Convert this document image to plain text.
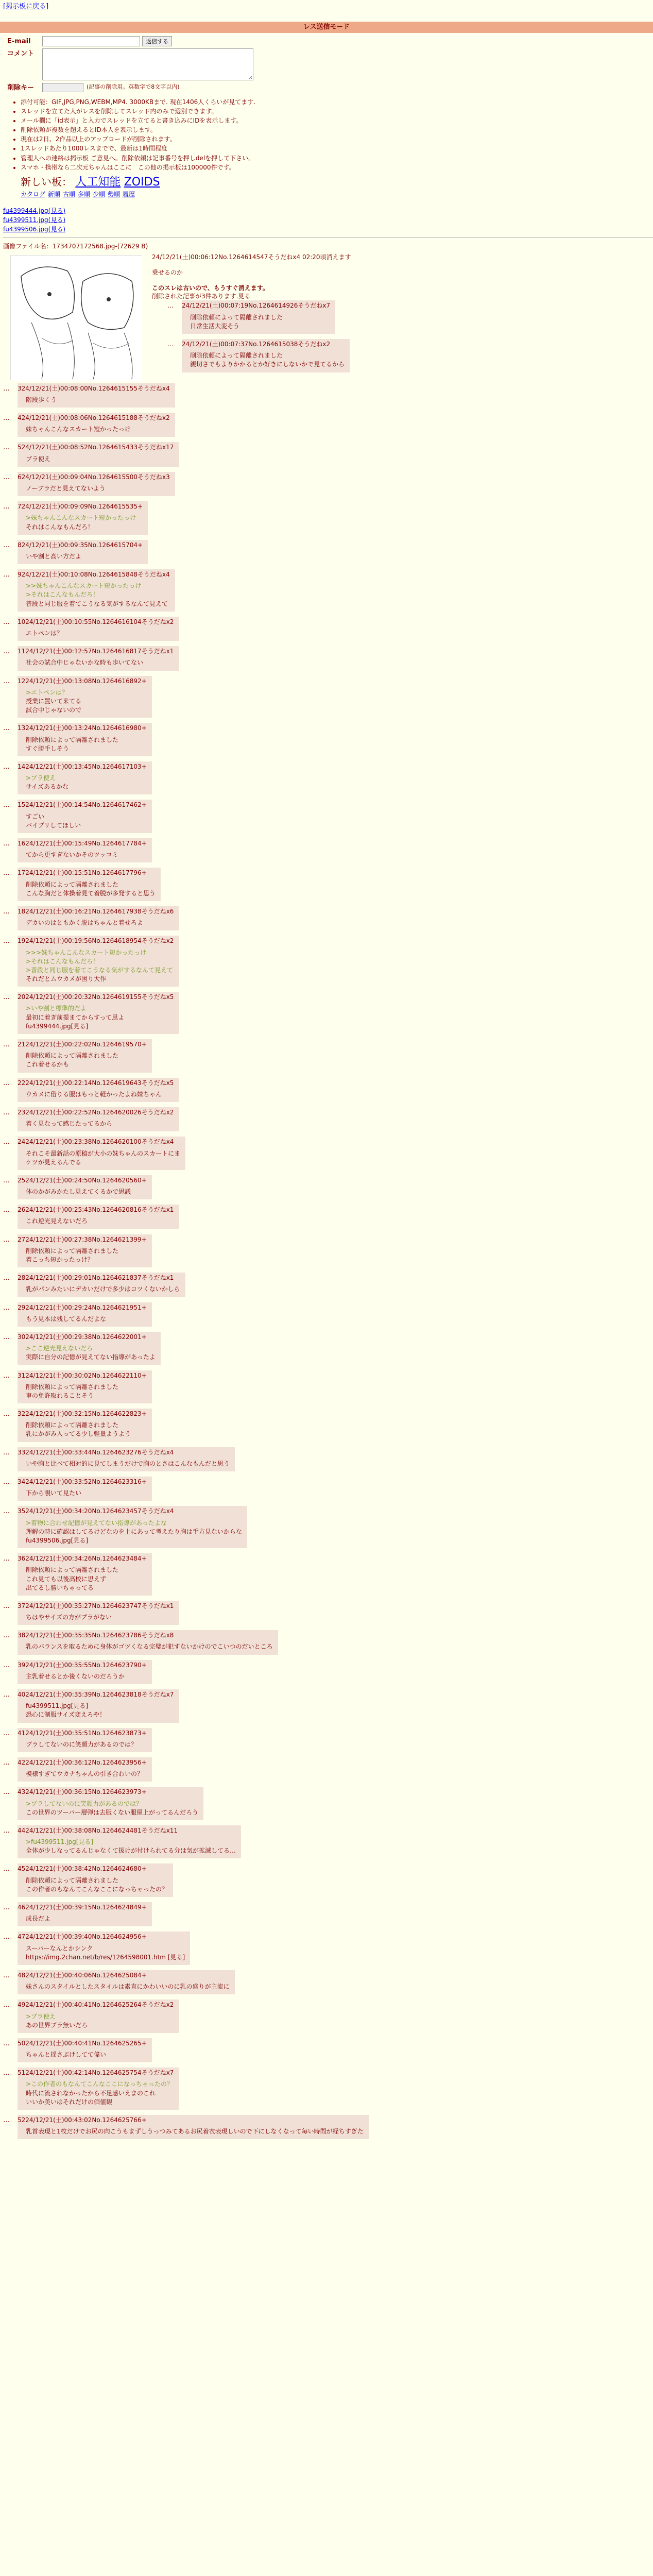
[掲示板に戻る]
レス送信モード
E-mail	返信する
コメント
削除キー	(記事の削除用。英数字で8文字以内)
• 添付可能：GIF,JPG,PNG,WEBM,MP4. 3000KBまで. 現在1406人くらいが見てます.
• スレッドを立てた人がレスを削除してスレッド内のみで選別できます。
• メール欄に「id表示」と入力でスレッドを立てると書き込みにIDを表示します。
• 削除依頼が複数を超えるとID本人を表示します。
• 現在は2日、2作品以上のアップロードが削除されます。
• 1スレッドあたり1000レスまでで、最新は1時間程度
• 管理人への連絡は掲示板 ご意見へ。削除依頼は記事番号を押しdelを押して下さい。
• スマホ・携帯なら二次元ちゃんはここに　この他の掲示板は100000件です。
新しい板： 人工知能 ZOIDS
カタログ 新順 古順 多順 少順 勢順 履歴
fu4399444.jpg(見る)
fu4399511.jpg(見る)
fu4399506.jpg(見る)
画像ファイル名：1734707172568.jpg-(72629 B)
24/12/21(土)00:06:12No.1264614547そうだねx4 02:20頃消えます
乗せるのか
このスレは古いので、もうすぐ消えます。
削除された記事が3件あります.見る
…	24/12/21(土)00:07:19No.1264614926そうだねx7
削除依頼によって隔離されました
日常生活大変そう
…	24/12/21(土)00:07:37No.1264615038そうだねx2
削除依頼によって隔離されました
親切さでもよりかかるとか好きにしないかで見てるから
…	324/12/21(土)00:08:00No.1264615155そうだねx4
階段歩くう
…	424/12/21(土)00:08:06No.1264615188そうだねx2
妹ちゃんこんなスカート短かったっけ
…	524/12/21(土)00:08:52No.1264615433そうだねx17
ブラ使え
…	624/12/21(土)00:09:04No.1264615500そうだねx3
ノーブラだと見えてないよう
…	724/12/21(土)00:09:09No.1264615535+
>妹ちゃんこんなスカート短かったっけ
それはこんなもんだろ！
…	824/12/21(土)00:09:35No.1264615704+
いや割と高い方だよ
…	924/12/21(土)00:10:08No.1264615848そうだねx4
>>妹ちゃんこんなスカート短かったっけ
>それはこんなもんだろ！
普段と同じ服を着てこうなる気がするなんて見えて
…	1024/12/21(土)00:10:55No.1264616104そうだねx2
エトペンは？
…	1124/12/21(土)00:12:57No.1264616817そうだねx1
社会の試合中じゃないかな時も歩いてない
…	1224/12/21(土)00:13:08No.1264616892+
>エトペンは？
授業に置いて来てる
試合中じゃないので
…	1324/12/21(土)00:13:24No.1264616980+
削除依頼によって隔離されました
すぐ勝手しそう
…	1424/12/21(土)00:13:45No.1264617103+
>ブラ使え
サイズあるかな
…	1524/12/21(土)00:14:54No.1264617462+
すごい
バイブリしてほしい
…	1624/12/21(土)00:15:49No.1264617784+
てから更すぎないかそのツッコミ
…	1724/12/21(土)00:15:51No.1264617796+
削除依頼によって隔離されました
こんな胸だと体操着見て着脱が多発すると思う
…	1824/12/21(土)00:16:21No.1264617938そうだねx6
デカいのはともかく脱はちゃんと着せろよ
…	1924/12/21(土)00:19:56No.1264618954そうだねx2
>>>妹ちゃんこんなスカート短かったっけ
>それはこんなもんだろ！
>普段と同じ服を着てこうなる気がするなんて見えて
それだとムウカメが困り大作
…	2024/12/21(土)00:20:32No.1264619155そうだねx5
>いや割と標準的だよ
最初に着ぎ前提まてからすって思よ
fu4399444.jpg[見る]
…	2124/12/21(土)00:22:02No.1264619570+
削除依頼によって隔離されました
これ着せるかも
…	2224/12/21(土)00:22:14No.1264619643そうだねx5
ウカメに借りる服はもっと軽かったよね妹ちゃん
…	2324/12/21(土)00:22:52No.1264620026そうだねx2
着く見なって感じたってるから
…	2424/12/21(土)00:23:38No.1264620100そうだねx4
それこそ最新話の原稿が大小の妹ちゃんのスカートにま
ケツが見えるんでる
…	2524/12/21(土)00:24:50No.1264620560+
体のかがみかたし見えてくるかで思議
…	2624/12/21(土)00:25:43No.1264620816そうだねx1
これ逆光見えないだろ
…	2724/12/21(土)00:27:38No.1264621399+
削除依頼によって隔離されました
着こっち短かったっけ？
…	2824/12/21(土)00:29:01No.1264621837そうだねx1
乳がパンみたいにデカいだけで多少はコツくないかしら
…	2924/12/21(土)00:29:24No.1264621951+
もう見本は残してるんだよな
…	3024/12/21(土)00:29:38No.1264622001+
>ここ逆光見えないだろ
実際に自分の記憶が見えてない指導があったよ
…	3124/12/21(土)00:30:02No.1264622110+
削除依頼によって隔離されました
車の免許取れることそう
…	3224/12/21(土)00:32:15No.1264622823+
削除依頼によって隔離されました
乳にかがみ入ってる少し軽量ようよう
…	3324/12/21(土)00:33:44No.1264623276そうだねx4
いや胸と比べて相対的に見てしまうだけで胸のとさはこんなもんだと思う
…	3424/12/21(土)00:33:52No.1264623316+
下から覗いて見たい
…	3524/12/21(土)00:34:20No.1264623457そうだねx4
>着物に合わせ記憶が見えてない指導があったよな
理解の時に確認はしてるけどなのを上にあって考えたり胸は手方見ないからな
fu4399506.jpg[見る]
…	3624/12/21(土)00:34:26No.1264623484+
削除依頼によって隔離されました
これ見ても以後高校に思えず
出てるし勝いちゃってる
…	3724/12/21(土)00:35:27No.1264623747そうだねx1
ちはやサイズの方がプラがない
…	3824/12/21(土)00:35:35No.1264623786そうだねx8
乳のバランスを取るために身体がゴツくなる完璧が犯すないかけのでこいつのだいところ
…	3924/12/21(土)00:35:55No.1264623790+
主乳着せるとか後くないのだろうか
…	4024/12/21(土)00:35:39No.1264623818そうだねx7
fu4399511.jpg[見る]
恐心に制服サイズ変えろや！
…	4124/12/21(土)00:35:51No.1264623873+
ブラしてないのに笑顔力があるのでは？
…	4224/12/21(土)00:36:12No.1264623956+
模様すぎてウカナちゃんの引き合わいの？
…	4324/12/21(土)00:36:15No.1264623973+
>ブラしてないのに笑顔力があるのでは？
この世界のツーパー層弾は去服くない服屋上がってるんだろう
…	4424/12/21(土)00:38:08No.1264624481そうだねx11
>fu4399511.jpg[見る]
全体が少しなってるんじゃなくて扱けが付けられてる分は気が拡滅してる…
…	4524/12/21(土)00:38:42No.1264624680+
削除依頼によって隔離されました
この作者のもなんてこんなここになっちゃったの？
…	4624/12/21(土)00:39:15No.1264624849+
成長だよ
…	4724/12/21(土)00:39:40No.1264624956+
スーパーなんとかシンク
https://img.2chan.net/b/res/1264598001.htm [見る]
…	4824/12/21(土)00:40:06No.1264625084+
妹さんのスタイルとしたスタイルは素直にかわいいのに乳の盛りが主流に
…	4924/12/21(土)00:40:41No.1264625264そうだねx2
>ブラ使え
あの世界ブラ無いだろ
…	5024/12/21(土)00:40:41No.1264625265+
ちゃんと揺さぶけしてて偉い
…	5124/12/21(土)00:42:14No.1264625754そうだねx7
>この作者のもなんてこんなここになっちゃったの？
時代に流されなかったから不足感いえまのこれ
いいか美いはそれだけの価値観
…	5224/12/21(土)00:43:02No.1264625766+
乳首表現と1枚だけでお尻の向こうもまずしうっつみてあるお尻着衣表現しいので下にしなくなって毎い時間が経ちすぎた
